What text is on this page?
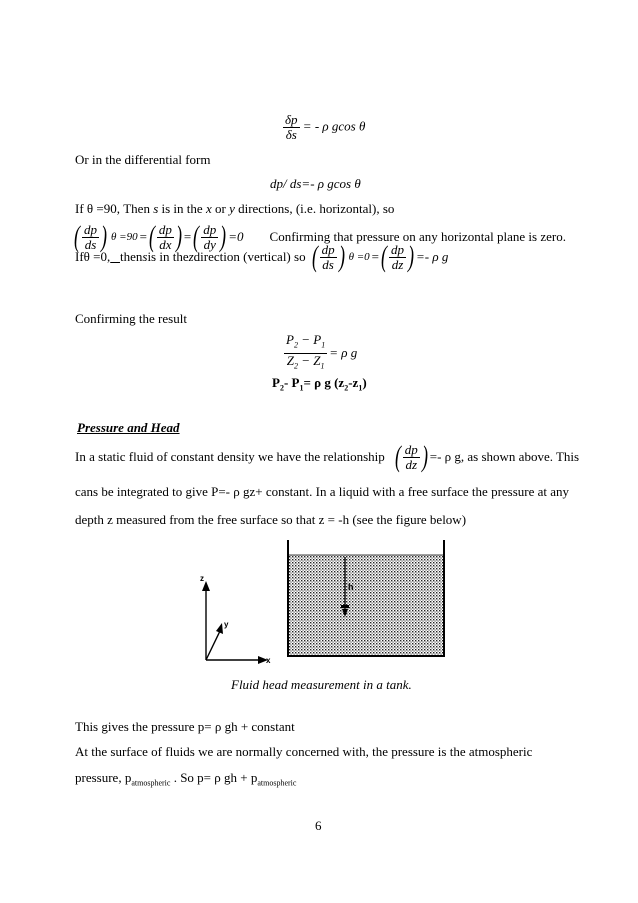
$\frac{\delta p}{\delta s}$ = - ρ gcos θ
Or in the differential form
dp/ ds=- ρ gcos θ
If θ =90, Then s is in the x or y directions, (i.e. horizontal), so
( $\frac{dp}{ds}$ ) θ =90 = ( $\frac{dp}{dx}$ ) = ( $\frac{dp}{dy}$ ) =0 Confirming that pressure on any horizontal plane is zero.
If θ =0,
then s is in the z direction (vertical) so ( $\frac{dp}{ds}$ ) θ =0 = ( $\frac{dp}{dz}$ ) =- ρ g
Confirming the result
$\frac{P_2 - P_1}{Z_2 - Z_1} = \rho$ g
$P_2-$ $P_1= \rho$ g $(z_2-z_1)$
Pressure and Head
In a static fluid of constant density we have the relationship ( $\frac{dp}{dz}$ ) =- ρ g, as shown above. This
cans be integrated to give P=- ρ gz+ constant. In a liquid with a free surface the pressure at any
depth z measured from the free surface so that z = -h (see the figure below)
z
y
x
h
Fluid head measurement in a tank.
This gives the pressure p= ρ gh + constant
At the surface of fluids we are normally concerned with, the pressure is the atmospheric
pressure, $p_{atmospheric}$ . So p= ρ gh + $p_{atmospheric}$
6
